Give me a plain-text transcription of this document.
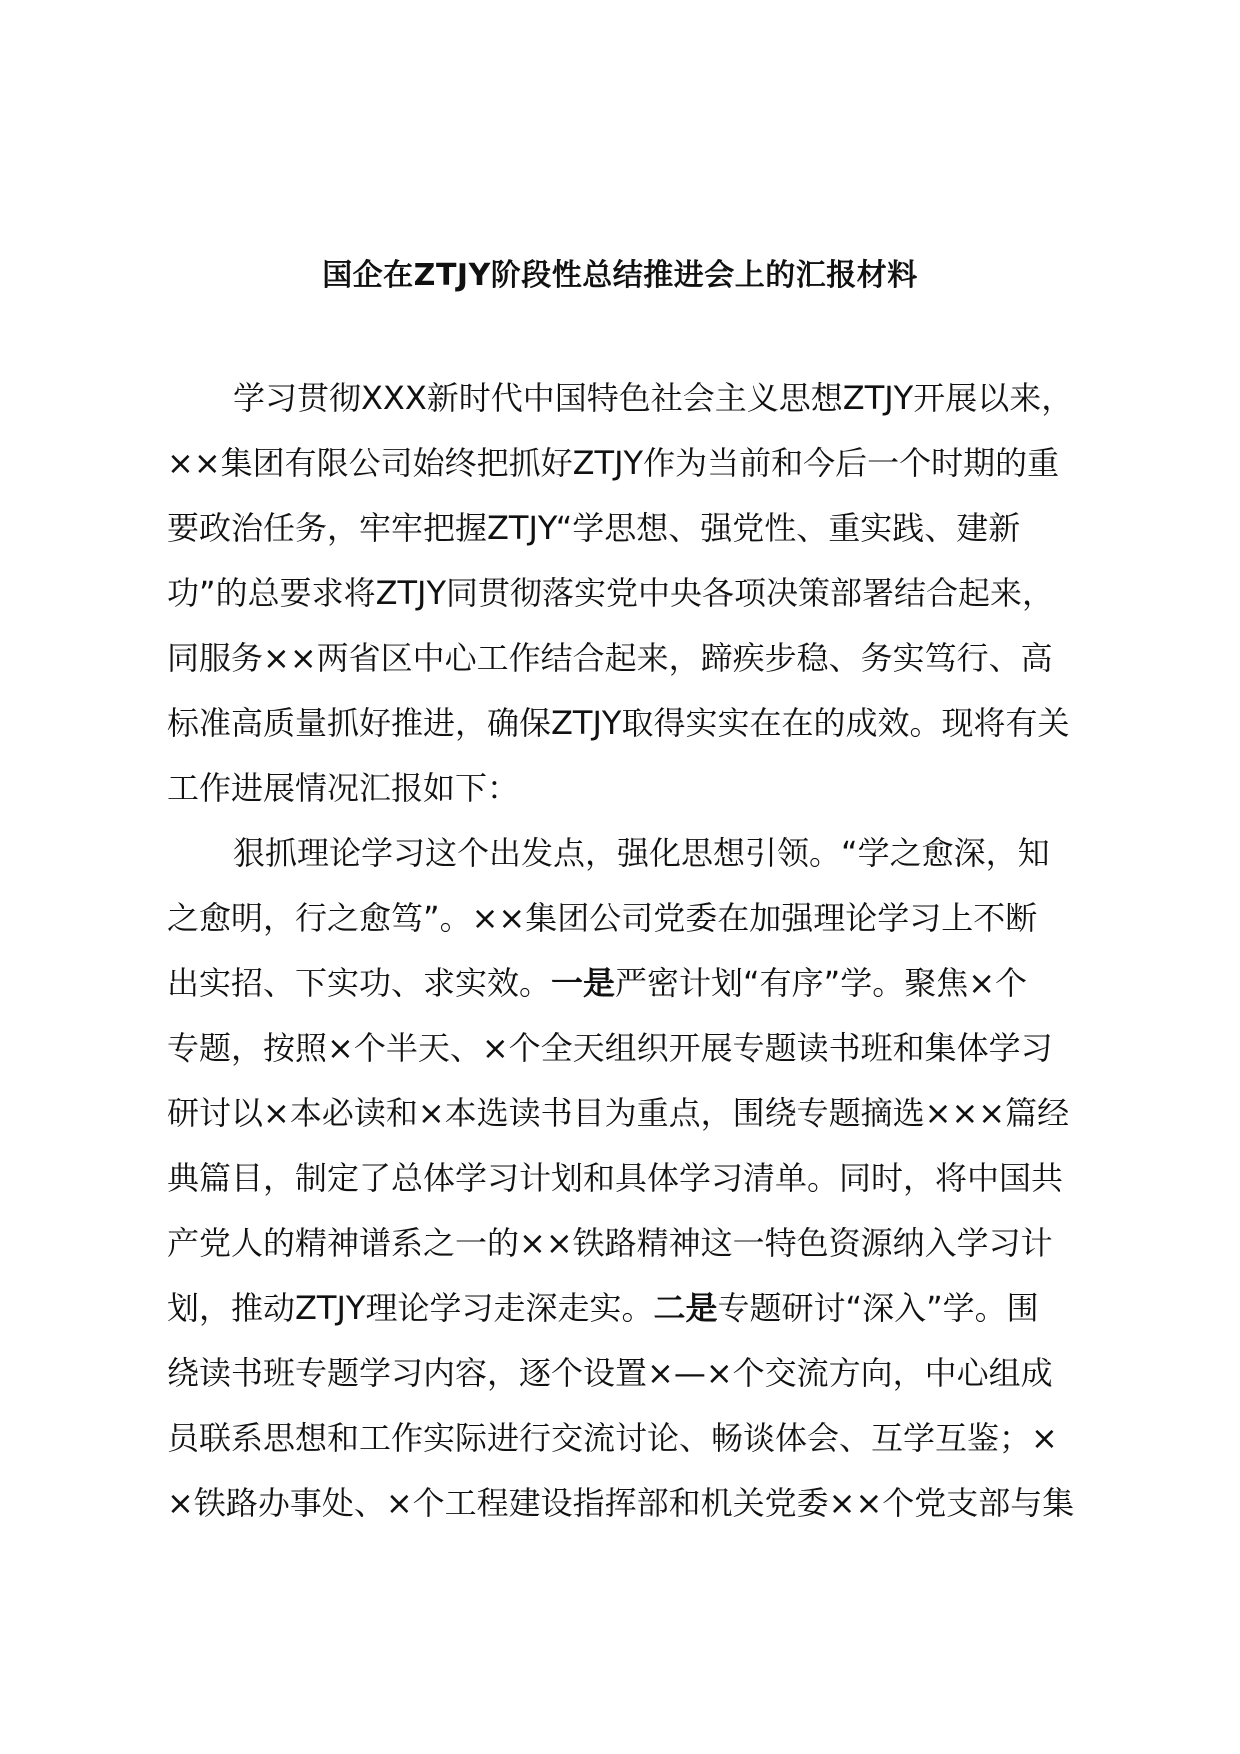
国企在ZTJY阶段性总结推进会上的汇报材料
学习贯彻XXX新时代中国特色社会主义思想ZTJY开展以来，
××集团有限公司始终把抓好ZTJY作为当前和今后一个时期的重
要政治任务，牢牢把握ZTJY“学思想、强党性、重实践、建新
功”的总要求将ZTJY同贯彻落实党中央各项决策部署结合起来，
同服务××两省区中心工作结合起来，蹄疾步稳、务实笃行、高
标准高质量抓好推进，确保ZTJY取得实实在在的成效。现将有关
工作进展情况汇报如下：
狠抓理论学习这个出发点，强化思想引领。“学之愈深，知
之愈明，行之愈笃”。××集团公司党委在加强理论学习上不断
出实招、下实功、求实效。一是严密计划“有序”学。聚焦×个
专题，按照×个半天、×个全天组织开展专题读书班和集体学习
研讨以×本必读和×本选读书目为重点，围绕专题摘选×××篇经
典篇目，制定了总体学习计划和具体学习清单。同时，将中国共
产党人的精神谱系之一的××铁路精神这一特色资源纳入学习计
划，推动ZTJY理论学习走深走实。二是专题研讨“深入”学。围
绕读书班专题学习内容，逐个设置×—×个交流方向，中心组成
员联系思想和工作实际进行交流讨论、畅谈体会、互学互鉴；×
×铁路办事处、×个工程建设指挥部和机关党委××个党支部与集
